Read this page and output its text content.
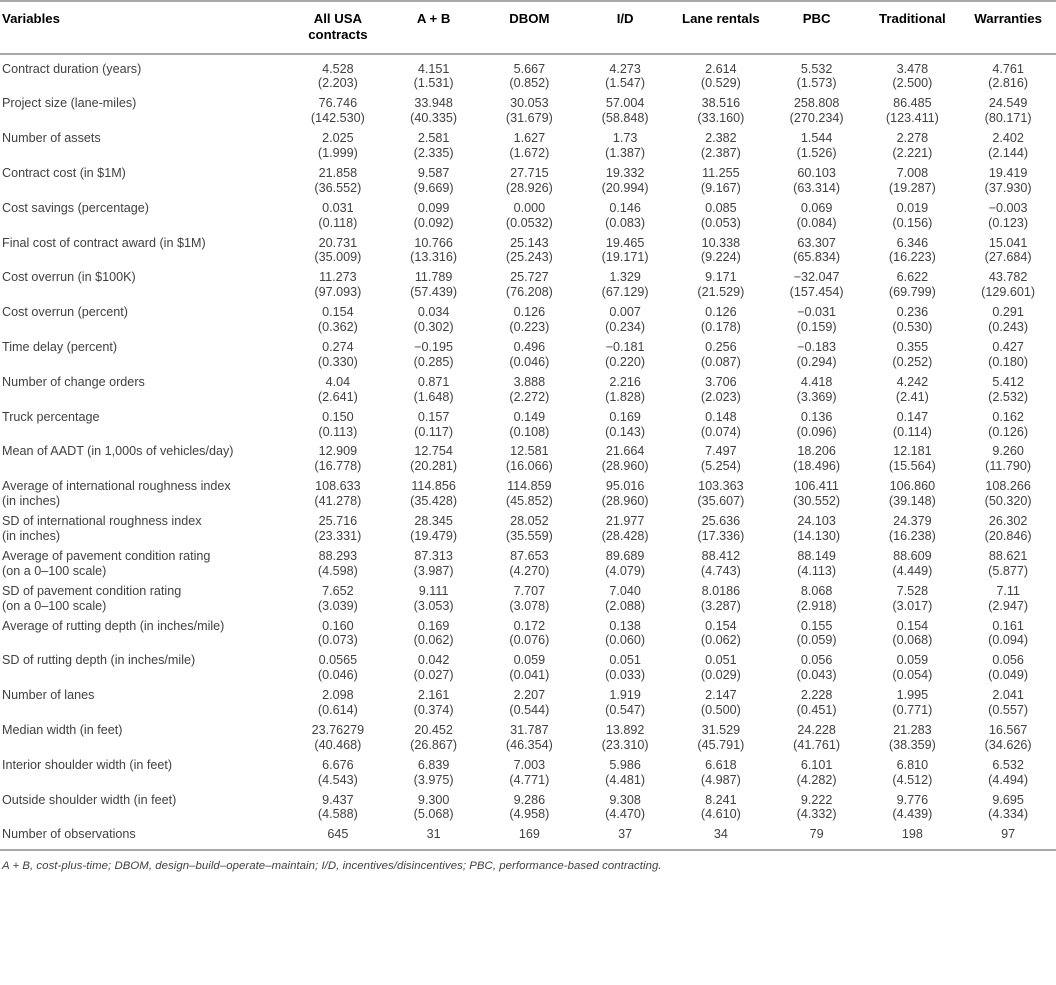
Variables	All USA contracts	A + B	DBOM	I/D	Lane rentals	PBC	Traditional	Warranties
Contract duration (years)	4.528	4.151	5.667	4.273	2.614	5.532	3.478	4.761
	(2.203)	(1.531)	(0.852)	(1.547)	(0.529)	(1.573)	(2.500)	(2.816)
Project size (lane-miles)	76.746	33.948	30.053	57.004	38.516	258.808	86.485	24.549
	(142.530)	(40.335)	(31.679)	(58.848)	(33.160)	(270.234)	(123.411)	(80.171)
Number of assets	2.025	2.581	1.627	1.73	2.382	1.544	2.278	2.402
	(1.999)	(2.335)	(1.672)	(1.387)	(2.387)	(1.526)	(2.221)	(2.144)
Contract cost (in $1M)	21.858	9.587	27.715	19.332	11.255	60.103	7.008	19.419
	(36.552)	(9.669)	(28.926)	(20.994)	(9.167)	(63.314)	(19.287)	(37.930)
Cost savings (percentage)	0.031	0.099	0.000	0.146	0.085	0.069	0.019	−0.003
	(0.118)	(0.092)	(0.0532)	(0.083)	(0.053)	(0.084)	(0.156)	(0.123)
Final cost of contract award (in $1M)	20.731	10.766	25.143	19.465	10.338	63.307	6.346	15.041
	(35.009)	(13.316)	(25.243)	(19.171)	(9.224)	(65.834)	(16.223)	(27.684)
Cost overrun (in $100K)	11.273	11.789	25.727	1.329	9.171	−32.047	6.622	43.782
	(97.093)	(57.439)	(76.208)	(67.129)	(21.529)	(157.454)	(69.799)	(129.601)
Cost overrun (percent)	0.154	0.034	0.126	0.007	0.126	−0.031	0.236	0.291
	(0.362)	(0.302)	(0.223)	(0.234)	(0.178)	(0.159)	(0.530)	(0.243)
Time delay (percent)	0.274	−0.195	0.496	−0.181	0.256	−0.183	0.355	0.427
	(0.330)	(0.285)	(0.046)	(0.220)	(0.087)	(0.294)	(0.252)	(0.180)
Number of change orders	4.04	0.871	3.888	2.216	3.706	4.418	4.242	5.412
	(2.641)	(1.648)	(2.272)	(1.828)	(2.023)	(3.369)	(2.41)	(2.532)
Truck percentage	0.150	0.157	0.149	0.169	0.148	0.136	0.147	0.162
	(0.113)	(0.117)	(0.108)	(0.143)	(0.074)	(0.096)	(0.114)	(0.126)
Mean of AADT (in 1,000s of vehicles/day)	12.909	12.754	12.581	21.664	7.497	18.206	12.181	9.260
	(16.778)	(20.281)	(16.066)	(28.960)	(5.254)	(18.496)	(15.564)	(11.790)
Average of international roughness index	108.633	114.856	114.859	95.016	103.363	106.411	106.860	108.266
(in inches)	(41.278)	(35.428)	(45.852)	(28.960)	(35.607)	(30.552)	(39.148)	(50.320)
SD of international roughness index	25.716	28.345	28.052	21.977	25.636	24.103	24.379	26.302
(in inches)	(23.331)	(19.479)	(35.559)	(28.428)	(17.336)	(14.130)	(16.238)	(20.846)
Average of pavement condition rating	88.293	87.313	87.653	89.689	88.412	88.149	88.609	88.621
(on a 0–100 scale)	(4.598)	(3.987)	(4.270)	(4.079)	(4.743)	(4.113)	(4.449)	(5.877)
SD of pavement condition rating	7.652	9.111	7.707	7.040	8.0186	8.068	7.528	7.11
(on a 0–100 scale)	(3.039)	(3.053)	(3.078)	(2.088)	(3.287)	(2.918)	(3.017)	(2.947)
Average of rutting depth (in inches/mile)	0.160	0.169	0.172	0.138	0.154	0.155	0.154	0.161
	(0.073)	(0.062)	(0.076)	(0.060)	(0.062)	(0.059)	(0.068)	(0.094)
SD of rutting depth (in inches/mile)	0.0565	0.042	0.059	0.051	0.051	0.056	0.059	0.056
	(0.046)	(0.027)	(0.041)	(0.033)	(0.029)	(0.043)	(0.054)	(0.049)
Number of lanes	2.098	2.161	2.207	1.919	2.147	2.228	1.995	2.041
	(0.614)	(0.374)	(0.544)	(0.547)	(0.500)	(0.451)	(0.771)	(0.557)
Median width (in feet)	23.76279	20.452	31.787	13.892	31.529	24.228	21.283	16.567
	(40.468)	(26.867)	(46.354)	(23.310)	(45.791)	(41.761)	(38.359)	(34.626)
Interior shoulder width (in feet)	6.676	6.839	7.003	5.986	6.618	6.101	6.810	6.532
	(4.543)	(3.975)	(4.771)	(4.481)	(4.987)	(4.282)	(4.512)	(4.494)
Outside shoulder width (in feet)	9.437	9.300	9.286	9.308	8.241	9.222	9.776	9.695
	(4.588)	(5.068)	(4.958)	(4.470)	(4.610)	(4.332)	(4.439)	(4.334)
Number of observations	645	31	169	37	34	79	198	97
A + B, cost-plus-time; DBOM, design–build–operate–maintain; I/D, incentives/disincentives; PBC, performance-based contracting.
